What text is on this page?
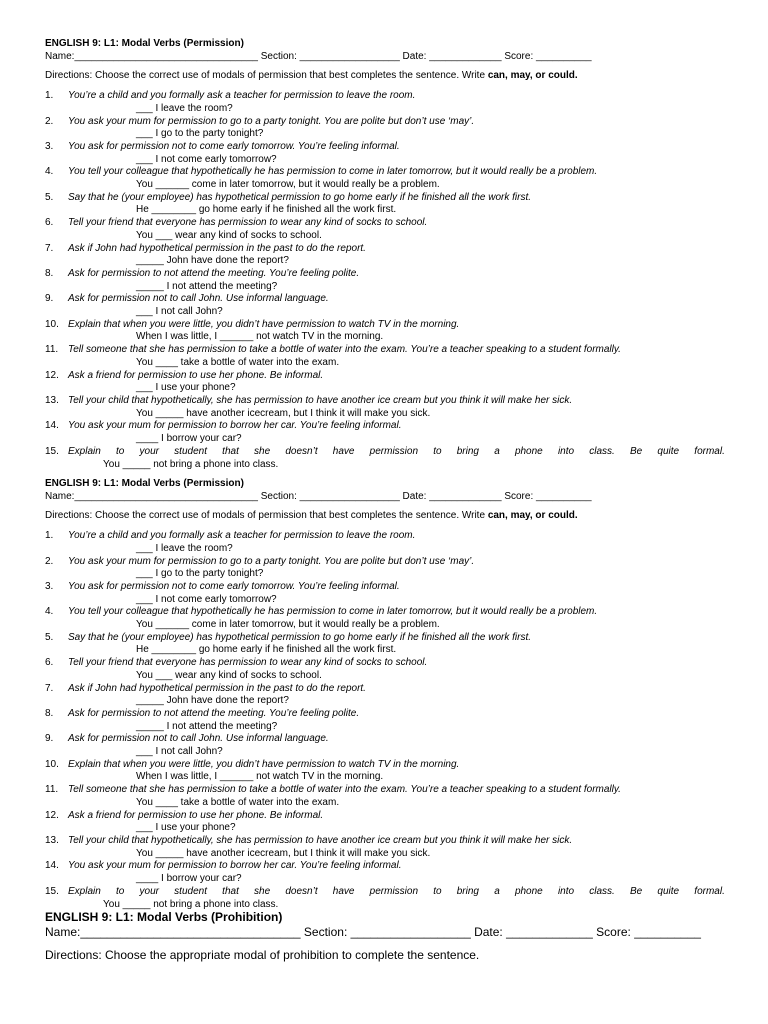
ENGLISH 9: L1: Modal Verbs (Permission)
Name:_________________________________ Section: __________________ Date: _____________ Score: __________
Directions: Choose the correct use of modals of permission that best completes the sentence. Write can, may, or could.
1. You’re a child and you formally ask a teacher for permission to leave the room.
___ I leave the room?
2. You ask your mum for permission to go to a party tonight. You are polite but don’t use ‘may’.
___ I go to the party tonight?
3. You ask for permission not to come early tomorrow. You’re feeling informal.
___ I not come early tomorrow?
4. You tell your colleague that hypothetically he has permission to come in later tomorrow, but it would really be a problem.
You ______ come in later tomorrow, but it would really be a problem.
5. Say that he (your employee) has hypothetical permission to go home early if he finished all the work first.
He ________ go home early if he finished all the work first.
6. Tell your friend that everyone has permission to wear any kind of socks to school.
You ___ wear any kind of socks to school.
7. Ask if John had hypothetical permission in the past to do the report.
_____ John have done the report?
8. Ask for permission to not attend the meeting. You’re feeling polite.
_____ I not attend the meeting?
9. Ask for permission not to call John. Use informal language.
___ I not call John?
10. Explain that when you were little, you didn’t have permission to watch TV in the morning.
When I was little, I ______ not watch TV in the morning.
11. Tell someone that she has permission to take a bottle of water into the exam. You’re a teacher speaking to a student formally.
You ____ take a bottle of water into the exam.
12. Ask a friend for permission to use her phone. Be informal.
___ I use your phone?
13. Tell your child that hypothetically, she has permission to have another ice cream but you think it will make her sick.
You _____ have another icecream, but I think it will make you sick.
14. You ask your mum for permission to borrow her car. You’re feeling informal.
____ I borrow your car?
15. Explain to your student that she doesn’t have permission to bring a phone into class. Be quite formal.
You _____ not bring a phone into class.
ENGLISH 9: L1: Modal Verbs (Permission)
Name:_________________________________ Section: __________________ Date: _____________ Score: __________
Directions: Choose the correct use of modals of permission that best completes the sentence. Write can, may, or could.
1. You’re a child and you formally ask a teacher for permission to leave the room.
___ I leave the room?
2. You ask your mum for permission to go to a party tonight. You are polite but don’t use ‘may’.
___ I go to the party tonight?
3. You ask for permission not to come early tomorrow. You’re feeling informal.
___ I not come early tomorrow?
4. You tell your colleague that hypothetically he has permission to come in later tomorrow, but it would really be a problem.
You ______ come in later tomorrow, but it would really be a problem.
5. Say that he (your employee) has hypothetical permission to go home early if he finished all the work first.
He ________ go home early if he finished all the work first.
6. Tell your friend that everyone has permission to wear any kind of socks to school.
You ___ wear any kind of socks to school.
7. Ask if John had hypothetical permission in the past to do the report.
_____ John have done the report?
8. Ask for permission to not attend the meeting. You’re feeling polite.
_____ I not attend the meeting?
9. Ask for permission not to call John. Use informal language.
___ I not call John?
10. Explain that when you were little, you didn’t have permission to watch TV in the morning.
When I was little, I ______ not watch TV in the morning.
11. Tell someone that she has permission to take a bottle of water into the exam. You’re a teacher speaking to a student formally.
You ____ take a bottle of water into the exam.
12. Ask a friend for permission to use her phone. Be informal.
___ I use your phone?
13. Tell your child that hypothetically, she has permission to have another ice cream but you think it will make her sick.
You _____ have another icecream, but I think it will make you sick.
14. You ask your mum for permission to borrow her car. You’re feeling informal.
____ I borrow your car?
15. Explain to your student that she doesn’t have permission to bring a phone into class. Be quite formal.
You _____ not bring a phone into class.
ENGLISH 9: L1: Modal Verbs (Prohibition)
Name:_________________________________ Section: __________________ Date: _____________ Score: __________
Directions: Choose the appropriate modal of prohibition to complete the sentence.
